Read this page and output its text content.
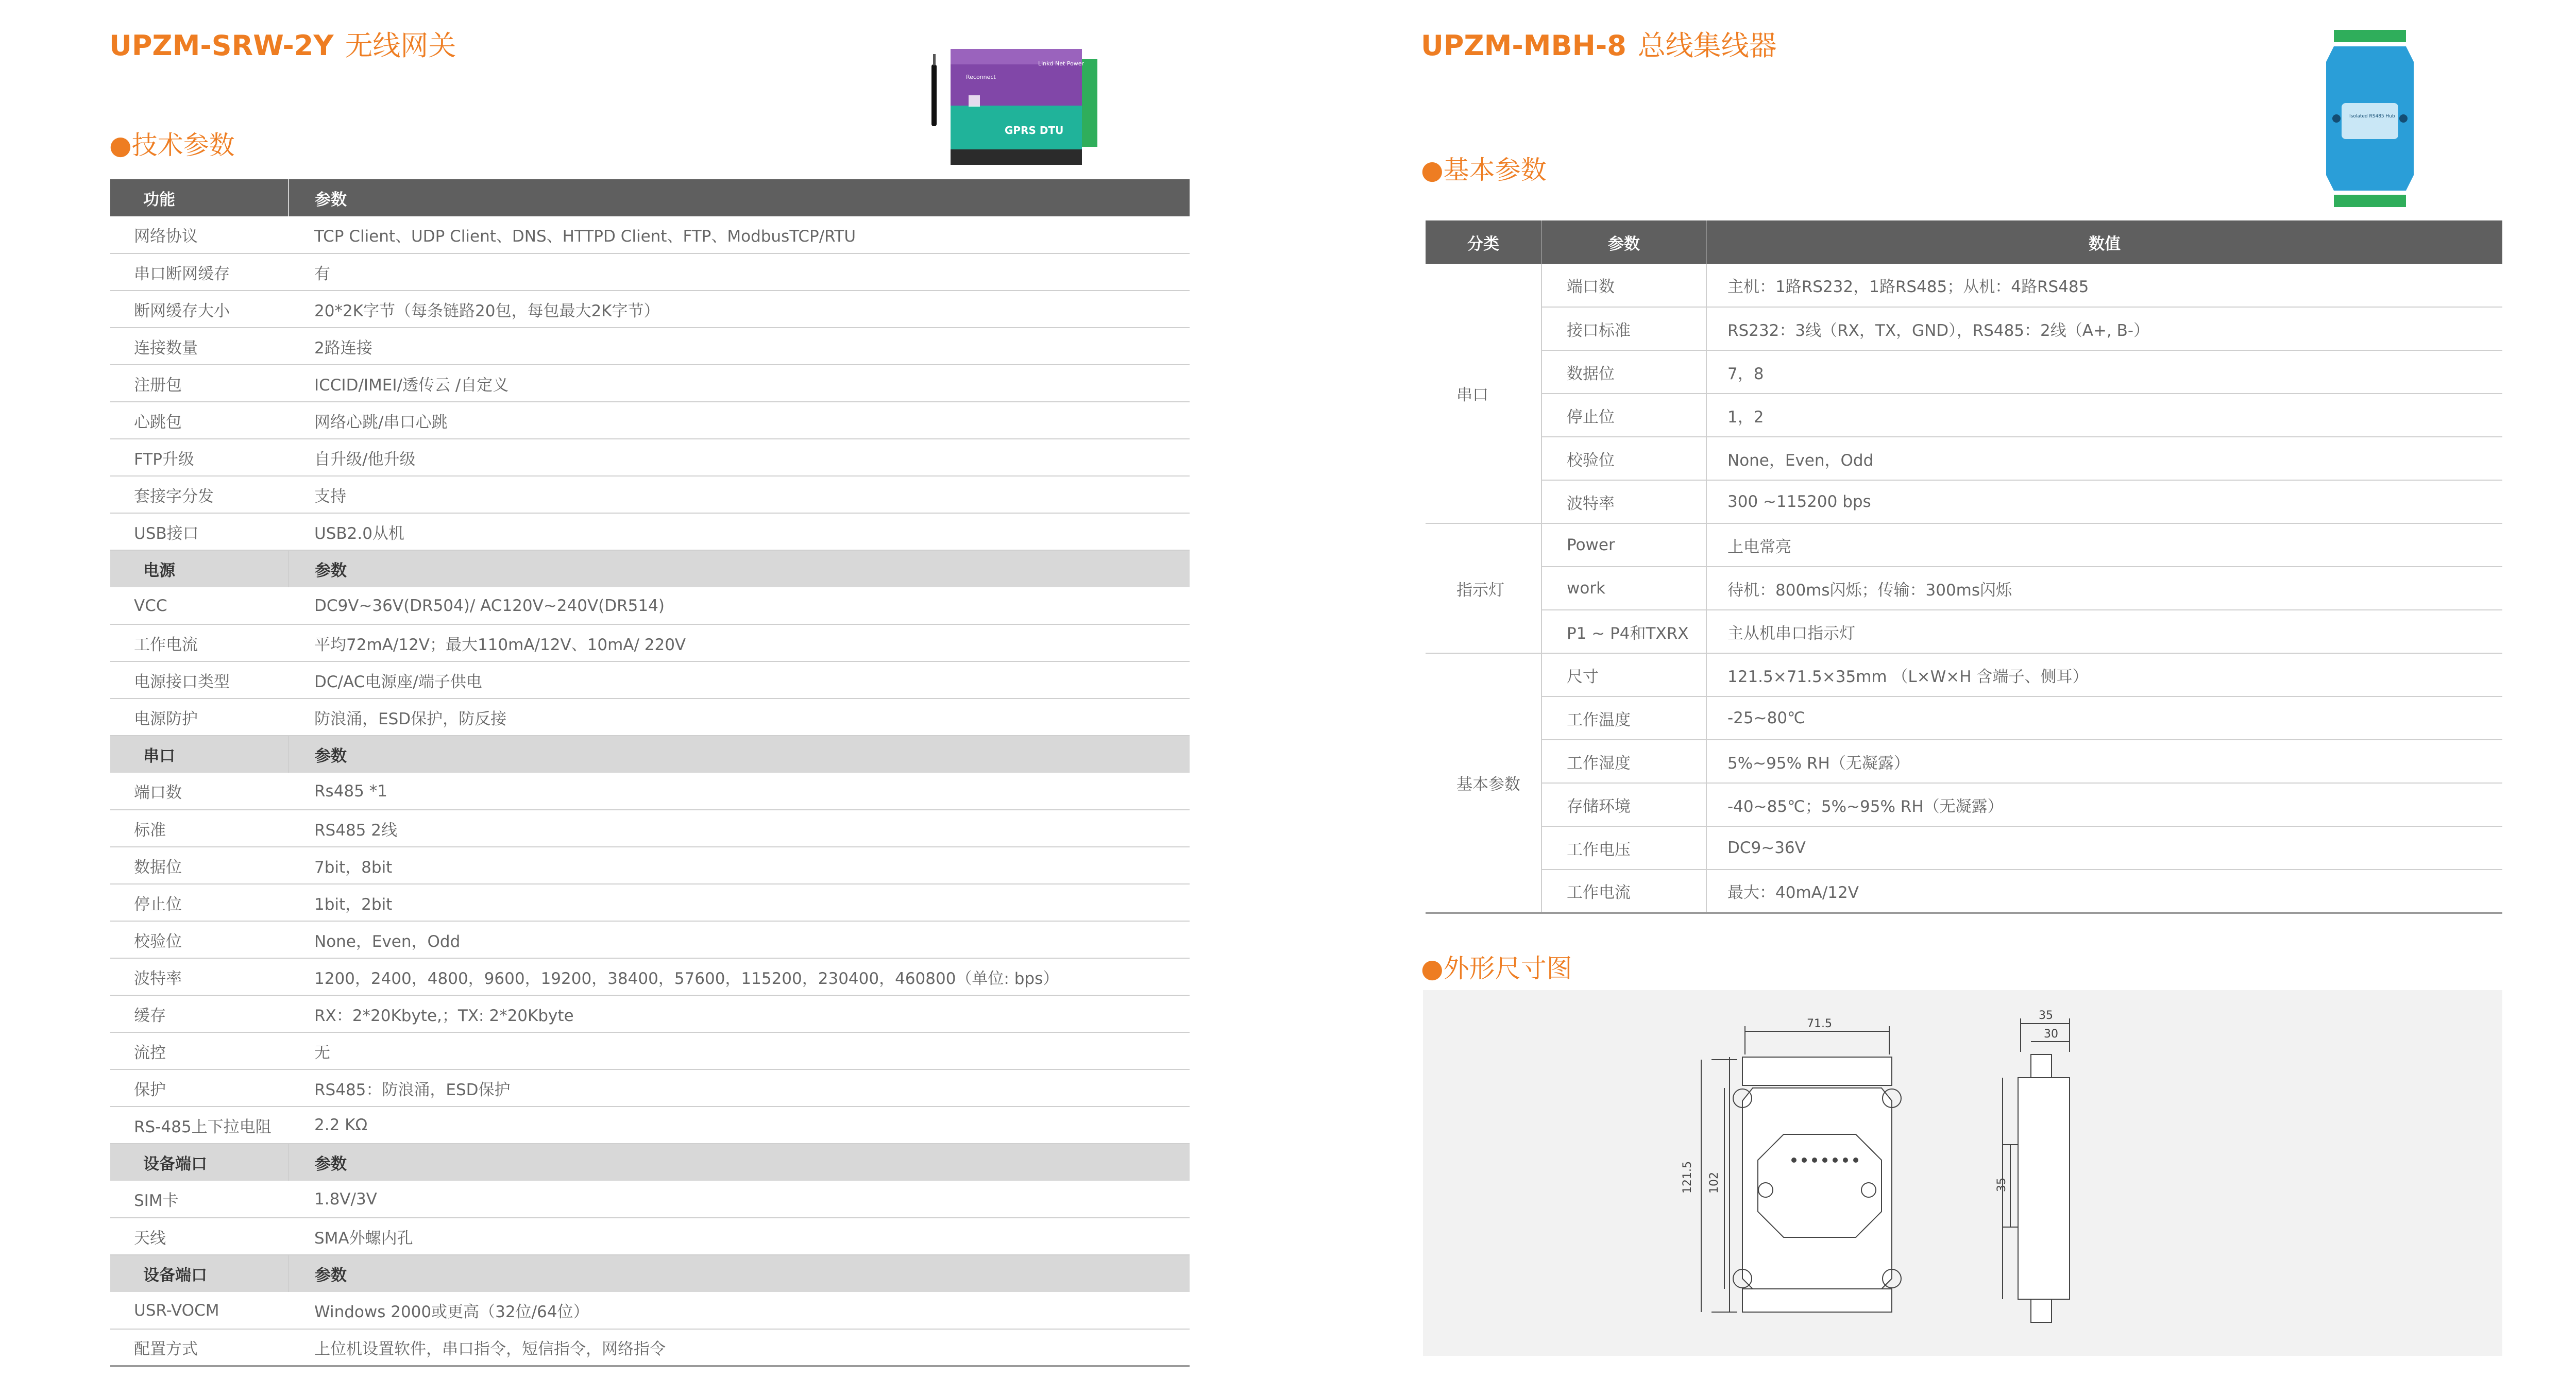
UPZM-SRW-2Y 无线网关
GPRS DTU
Reconnect
Linkd Net Power
●技术参数
功能	参数
网络协议	TCP Client、UDP Client、DNS、HTTPD Client、FTP、ModbusTCP/RTU
串口断网缓存	有
断网缓存大小	20*2K字节（每条链路20包，每包最大2K字节）
连接数量	2路连接
注册包	ICCID/IMEI/透传云 /自定义
心跳包	网络心跳/串口心跳
FTP升级	自升级/他升级
套接字分发	支持
USB接口	USB2.0从机
电源	参数
VCC	DC9V~36V(DR504)/ AC120V~240V(DR514)
工作电流	平均72mA/12V；最大110mA/12V、10mA/ 220V
电源接口类型	DC/AC电源座/端子供电
电源防护	防浪涌，ESD保护，防反接
串口	参数
端口数	Rs485 *1
标准	RS485 2线
数据位	7bit，8bit
停止位	1bit，2bit
校验位	None，Even，Odd
波特率	1200，2400，4800，9600，19200，38400，57600，115200，230400，460800（单位: bps）
缓存	RX：2*20Kbyte,；TX: 2*20Kbyte
流控	无
保护	RS485：防浪涌，ESD保护
RS-485上下拉电阻	2.2 KΩ
设备端口	参数
SIM卡	1.8V/3V
天线	SMA外螺内孔
设备端口	参数
USR-VOCM	Windows 2000或更高（32位/64位）
配置方式	上位机设置软件，串口指令，短信指令，网络指令
UPZM-MBH-8 总线集线器
Isolated RS485 Hub
●基本参数
分类	参数	数值
串口	端口数	主机：1路RS232，1路RS485；从机：4路RS485
	接口标准	RS232：3线（RX，TX，GND），RS485：2线（A+, B-）
	数据位	7，8
	停止位	1，2
	校验位	None，Even，Odd
	波特率	300 ~115200 bps
指示灯	Power	上电常亮
	work	待机：800ms闪烁；传输：300ms闪烁
	P1 ~ P4和TXRX	主从机串口指示灯
基本参数	尺寸	121.5×71.5×35mm （L×W×H 含端子、侧耳）
	工作温度	-25~80℃
	工作湿度	5%~95% RH（无凝露）
	存储环境	-40~85℃；5%~95% RH（无凝露）
	工作电压	DC9~36V
	工作电流	最大：40mA/12V
●外形尺寸图
71.5
121.5 102
35
30
35
